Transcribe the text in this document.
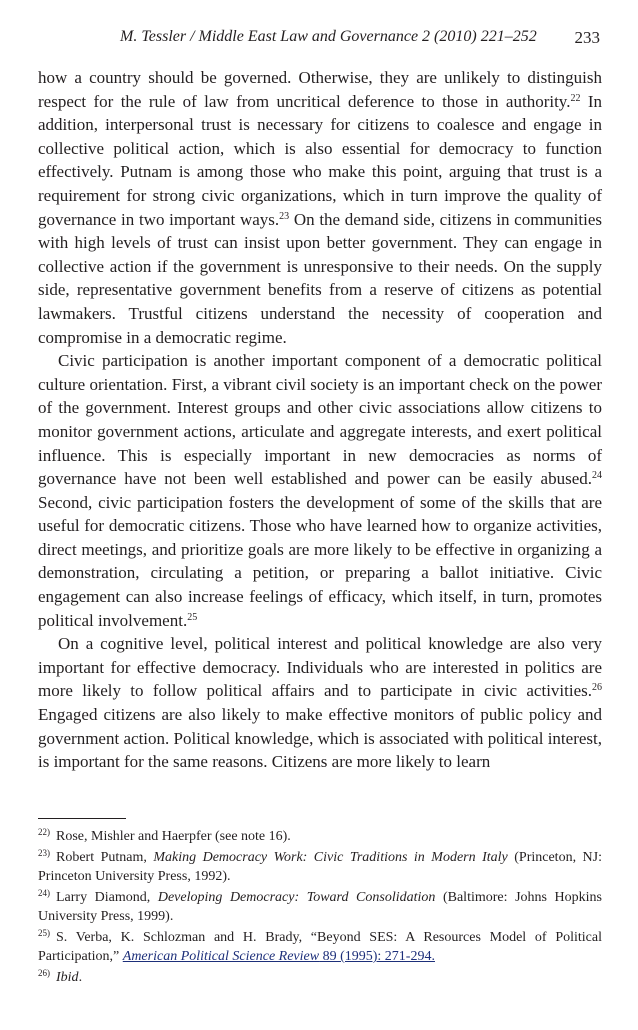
M. Tessler / Middle East Law and Governance 2 (2010) 221–252 233

how a country should be governed. Otherwise, they are unlikely to distinguish respect for the rule of law from uncritical deference to those in authority.$^{22}$ In addition, interpersonal trust is necessary for citizens to coalesce and engage in collective political action, which is also essential for democracy to function effectively. Putnam is among those who make this point, arguing that trust is a requirement for strong civic organizations, which in turn improve the quality of governance in two important ways.$^{23}$ On the demand side, citizens in communities with high levels of trust can insist upon better government. They can engage in collective action if the government is unresponsive to their needs. On the supply side, representative government benefits from a reserve of citizens as potential lawmakers. Trustful citizens understand the necessity of cooperation and compromise in a democratic regime.

Civic participation is another important component of a democratic political culture orientation. First, a vibrant civil society is an important check on the power of the government. Interest groups and other civic associations allow citizens to monitor government actions, articulate and aggregate interests, and exert political influence. This is especially important in new democracies as norms of governance have not been well established and power can be easily abused.$^{24}$ Second, civic participation fosters the development of some of the skills that are useful for democratic citizens. Those who have learned how to organize activities, direct meetings, and prioritize goals are more likely to be effective in organizing a demonstration, circulating a petition, or preparing a ballot initiative. Civic engagement can also increase feelings of efficacy, which itself, in turn, promotes political involvement.$^{25}$

On a cognitive level, political interest and political knowledge are also very important for effective democracy. Individuals who are interested in politics are more likely to follow political affairs and to participate in civic activities.$^{26}$ Engaged citizens are also likely to make effective monitors of public policy and government action. Political knowledge, which is associated with political interest, is important for the same reasons. Citizens are more likely to learn

$^{22)}$ Rose, Mishler and Haerpfer (see note 16).
$^{23)}$ Robert Putnam, Making Democracy Work: Civic Traditions in Modern Italy (Princeton, NJ: Princeton University Press, 1992).
$^{24)}$ Larry Diamond, Developing Democracy: Toward Consolidation (Baltimore: Johns Hopkins University Press, 1999).
$^{25)}$ S. Verba, K. Schlozman and H. Brady, “Beyond SES: A Resources Model of Political Participation,” American Political Science Review 89 (1995): 271-294.
$^{26)}$ Ibid.
